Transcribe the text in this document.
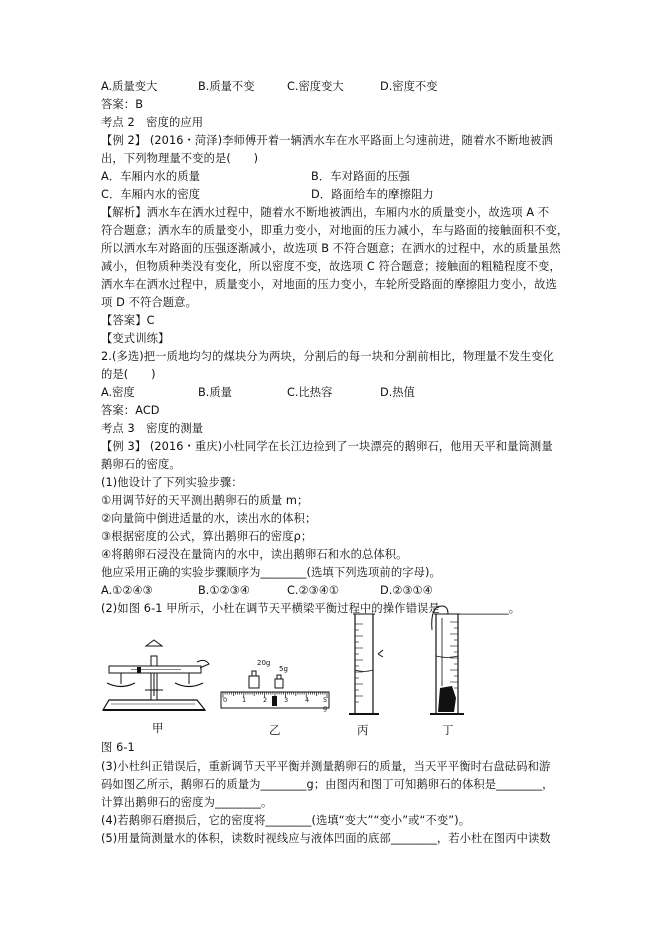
A.质量变大	B.质量不变	C.密度变大	D.密度不变
答案：B
考点 2　密度的应用
【例 2】 (2016・菏泽)李师傅开着一辆洒水车在水平路面上匀速前进，随着水不断地被洒
出，下列物理量不变的是(　　)
A．车厢内水的质量	B．车对路面的压强
C．车厢内水的密度	D．路面给车的摩擦阻力
【解析】洒水车在洒水过程中，随着水不断地被洒出，车厢内水的质量变小，故选项 A 不
符合题意；洒水车的质量变小，即重力变小，对地面的压力减小，车与路面的接触面积不变，
所以洒水车对路面的压强逐渐减小，故选项 B 不符合题意；在洒水的过程中，水的质量虽然
减小，但物质种类没有变化，所以密度不变，故选项 C 符合题意；接触面的粗糙程度不变，
洒水车在洒水过程中，质量变小，对地面的压力变小，车轮所受路面的摩擦阻力变小，故选
项 D 不符合题意。
【答案】C
【变式训练】
2.(多选)把一质地均匀的煤块分为两块，分割后的每一块和分割前相比，物理量不发生变化
的是(　　)
A.密度	B.质量	C.比热容	D.热值
答案：ACD
考点 3　密度的测量
【例 3】 (2016・重庆)小杜同学在长江边捡到了一块漂亮的鹅卵石，他用天平和量筒测量
鹅卵石的密度。
(1)他设计了下列实验步骤：
①用调节好的天平测出鹅卵石的质量 m；
②向量筒中倒进适量的水，读出水的体积；
③根据密度的公式，算出鹅卵石的密度ρ；
④将鹅卵石浸没在量筒内的水中，读出鹅卵石和水的总体积。
他应采用正确的实验步骤顺序为________(选填下列选项前的字母)。
A.①②④③	B.①②③④	C.②③④①	D.②③①④
(2)如图 6-1 甲所示，小杜在调节天平横梁平衡过程中的操作错误是____________。
甲
20g
5g
0 1	2	3	4 5 g
乙	丙	丁
图 6-1
(3)小杜纠正错误后，重新调节天平平衡并测量鹅卵石的质量，当天平平衡时右盘砝码和游
码如图乙所示，鹅卵石的质量为________g；由图丙和图丁可知鹅卵石的体积是________，
计算出鹅卵石的密度为________。
(4)若鹅卵石磨损后，它的密度将________(选填“变大”“变小”或“不变”)。
(5)用量筒测量水的体积，读数时视线应与液体凹面的底部________，若小杜在图丙中读数
